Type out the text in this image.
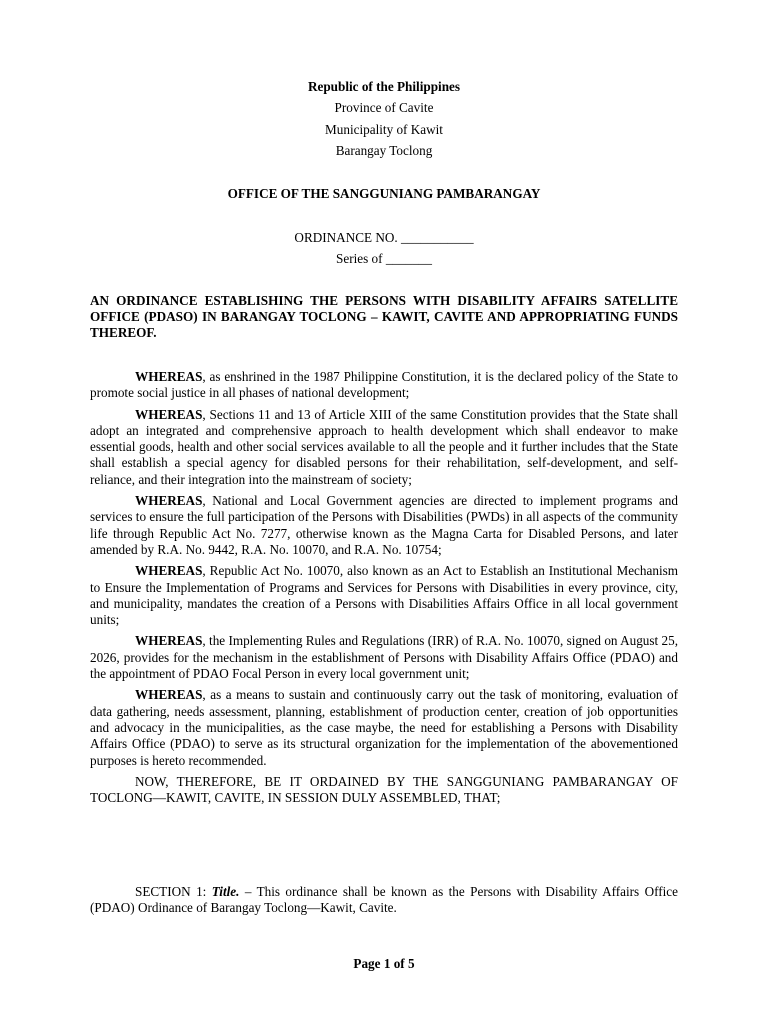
Republic of the Philippines
Province of Cavite
Municipality of Kawit
Barangay Toclong
OFFICE OF THE SANGGUNIANG PAMBARANGAY
ORDINANCE NO. ___________
Series of _______
AN ORDINANCE ESTABLISHING THE PERSONS WITH DISABILITY AFFAIRS SATELLITE OFFICE (PDASO) IN BARANGAY TOCLONG – KAWIT, CAVITE AND APPROPRIATING FUNDS THEREOF.

WHEREAS, as enshrined in the 1987 Philippine Constitution, it is the declared policy of the State to promote social justice in all phases of national development;

WHEREAS, Sections 11 and 13 of Article XIII of the same Constitution provides that the State shall adopt an integrated and comprehensive approach to health development which shall endeavor to make essential goods, health and other social services available to all the people and it further includes that the State shall establish a special agency for disabled persons for their rehabilitation, self-development, and self-reliance, and their integration into the mainstream of society;

WHEREAS, National and Local Government agencies are directed to implement programs and services to ensure the full participation of the Persons with Disabilities (PWDs) in all aspects of the community life through Republic Act No. 7277, otherwise known as the Magna Carta for Disabled Persons, and later amended by R.A. No. 9442, R.A. No. 10070, and R.A. No. 10754;

WHEREAS, Republic Act No. 10070, also known as an Act to Establish an Institutional Mechanism to Ensure the Implementation of Programs and Services for Persons with Disabilities in every province, city, and municipality, mandates the creation of a Persons with Disabilities Affairs Office in all local government units;

WHEREAS, the Implementing Rules and Regulations (IRR) of R.A. No. 10070, signed on August 25, 2026, provides for the mechanism in the establishment of Persons with Disability Affairs Office (PDAO) and the appointment of PDAO Focal Person in every local government unit;

WHEREAS, as a means to sustain and continuously carry out the task of monitoring, evaluation of data gathering, needs assessment, planning, establishment of production center, creation of job opportunities and advocacy in the municipalities, as the case maybe, the need for establishing a Persons with Disability Affairs Office (PDAO) to serve as its structural organization for the implementation of the abovementioned purposes is hereto recommended.

NOW, THEREFORE, BE IT ORDAINED BY THE SANGGUNIANG PAMBARANGAY OF TOCLONG—KAWIT, CAVITE, IN SESSION DULY ASSEMBLED, THAT;

SECTION 1: Title. – This ordinance shall be known as the Persons with Disability Affairs Office (PDAO) Ordinance of Barangay Toclong—Kawit, Cavite.
Page 1 of 5
